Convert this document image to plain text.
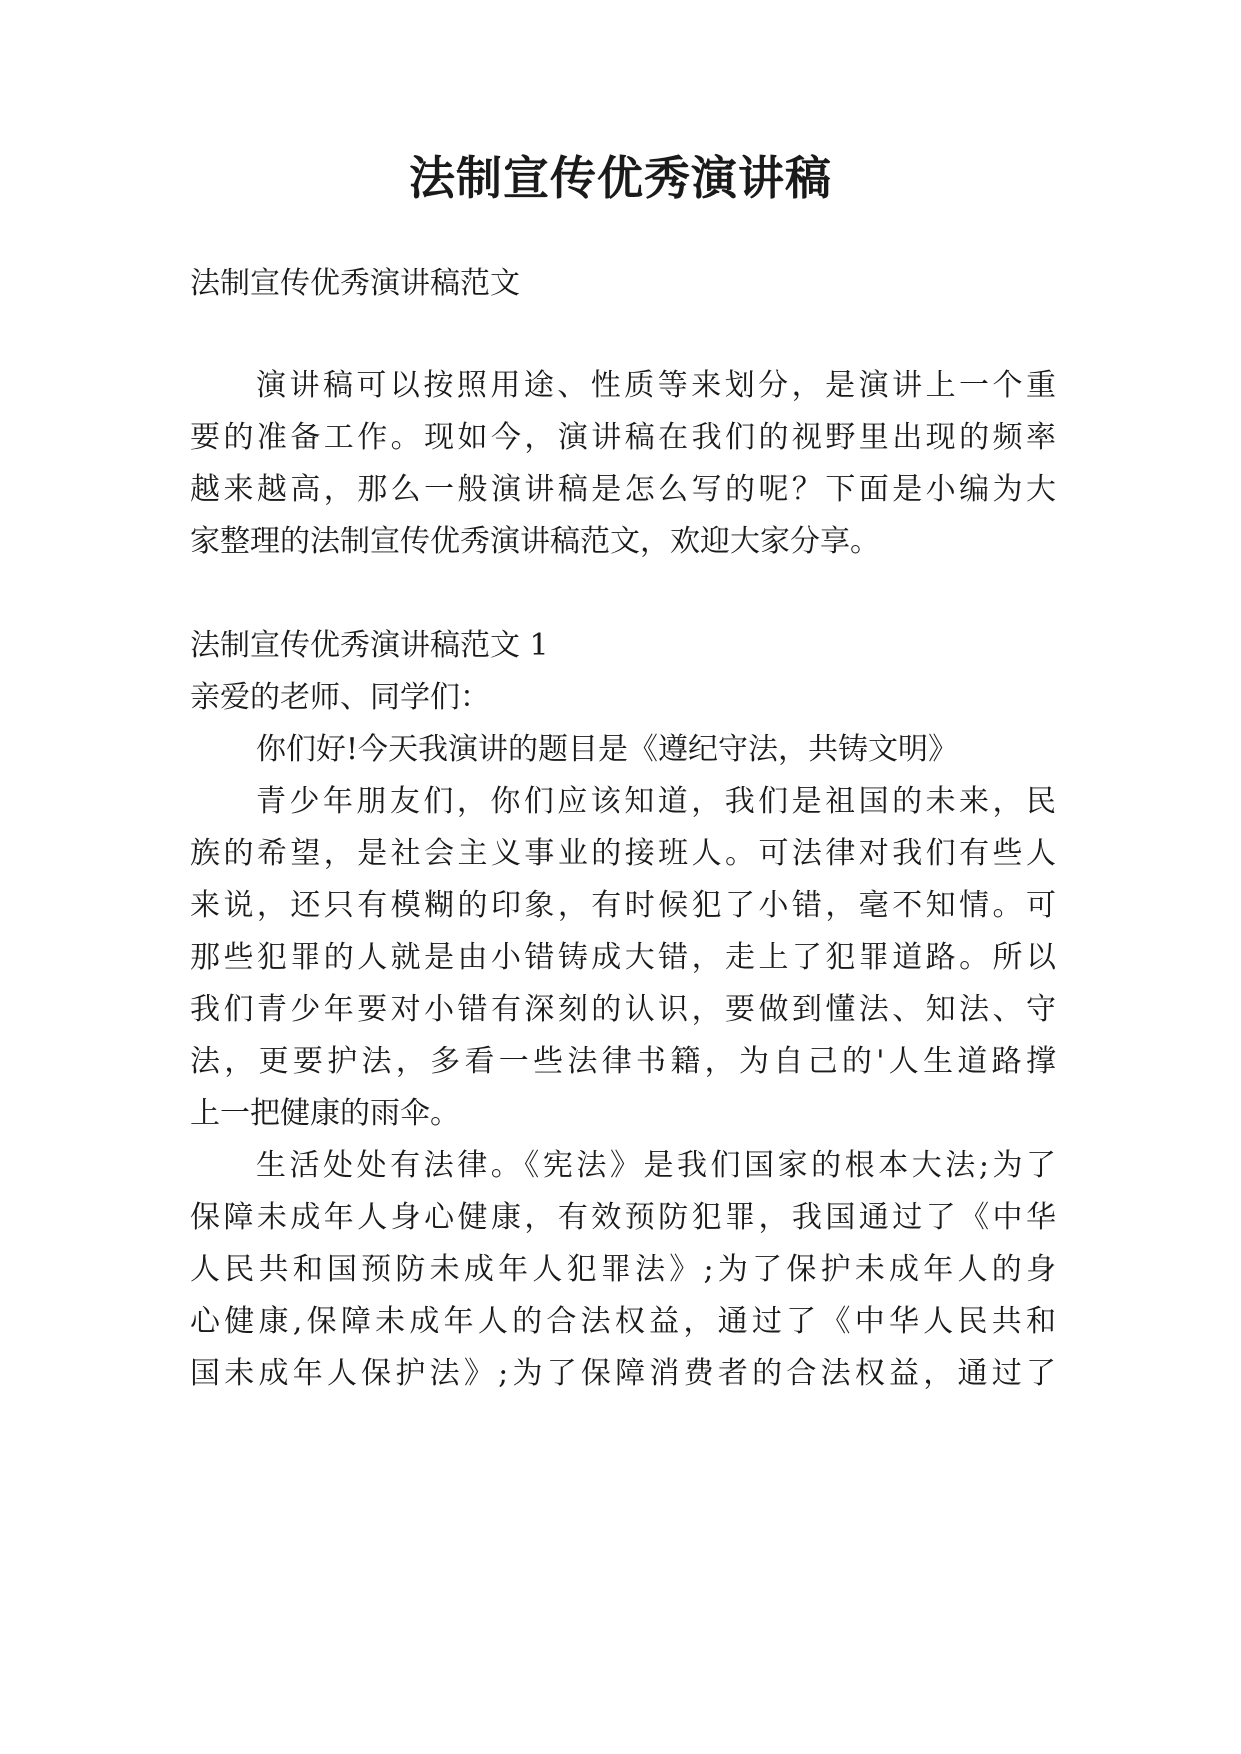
法制宣传优秀演讲稿
法制宣传优秀演讲稿范文
演讲稿可以按照用途、性质等来划分，是演讲上一个重
要的准备工作。现如今，演讲稿在我们的视野里出现的频率
越来越高，那么一般演讲稿是怎么写的呢？下面是小编为大
家整理的法制宣传优秀演讲稿范文，欢迎大家分享。
法制宣传优秀演讲稿范文 1
亲爱的老师、同学们：
你们好!今天我演讲的题目是《遵纪守法，共铸文明》
青少年朋友们，你们应该知道，我们是祖国的未来，民
族的希望，是社会主义事业的接班人。可法律对我们有些人
来说，还只有模糊的印象，有时候犯了小错，毫不知情。可
那些犯罪的人就是由小错铸成大错，走上了犯罪道路。所以
我们青少年要对小错有深刻的认识，要做到懂法、知法、守
法，更要护法，多看一些法律书籍，为自己的'人生道路撑
上一把健康的雨伞。
生活处处有法律。《宪法》是我们国家的根本大法;为了
保障未成年人身心健康，有效预防犯罪，我国通过了《中华
人民共和国预防未成年人犯罪法》;为了保护未成年人的身
心健康,保障未成年人的合法权益，通过了《中华人民共和
国未成年人保护法》;为了保障消费者的合法权益，通过了
